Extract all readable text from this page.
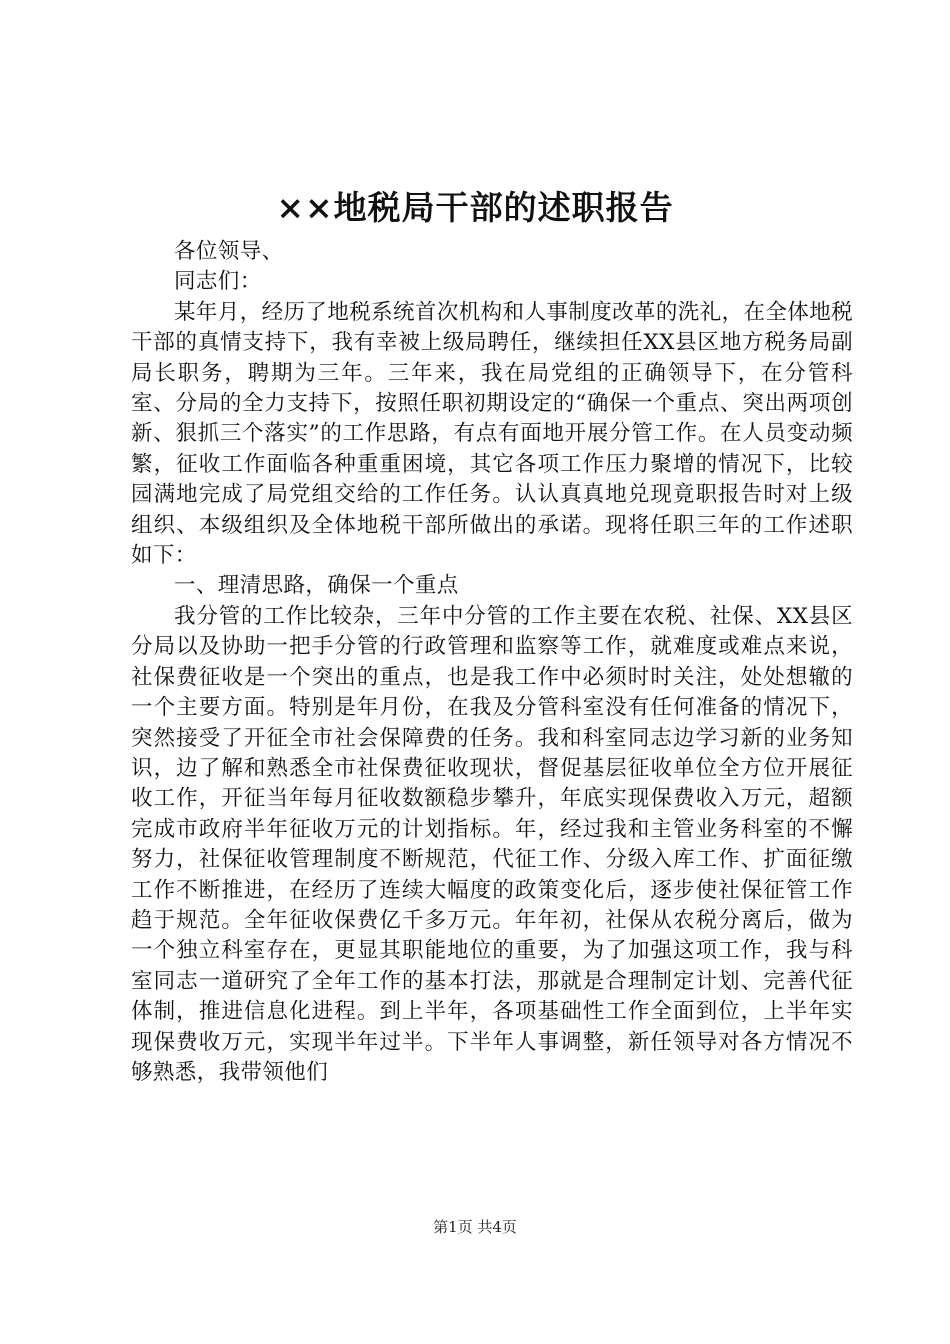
××地税局干部的述职报告

各位领导、

同志们：

某年月，经历了地税系统首次机构和人事制度改革的洗礼，在全体地税干部的真情支持下，我有幸被上级局聘任，继续担任XX县区地方税务局副局长职务，聘期为三年。三年来，我在局党组的正确领导下，在分管科室、分局的全力支持下，按照任职初期设定的“确保一个重点、突出两项创新、狠抓三个落实”的工作思路，有点有面地开展分管工作。在人员变动频繁，征收工作面临各种重重困境，其它各项工作压力聚增的情况下，比较园满地完成了局党组交给的工作任务。认认真真地兑现竟职报告时对上级组织、本级组织及全体地税干部所做出的承诺。现将任职三年的工作述职如下：

一、理清思路，确保一个重点

我分管的工作比较杂，三年中分管的工作主要在农税、社保、XX县区分局以及协助一把手分管的行政管理和监察等工作，就难度或难点来说，社保费征收是一个突出的重点，也是我工作中必须时时关注，处处想辙的一个主要方面。特别是年月份，在我及分管科室没有任何准备的情况下，突然接受了开征全市社会保障费的任务。我和科室同志边学习新的业务知识，边了解和熟悉全市社保费征收现状，督促基层征收单位全方位开展征收工作，开征当年每月征收数额稳步攀升，年底实现保费收入万元，超额完成市政府半年征收万元的计划指标。年，经过我和主管业务科室的不懈努力，社保征收管理制度不断规范，代征工作、分级入库工作、扩面征缴工作不断推进，在经历了连续大幅度的政策变化后，逐步使社保征管工作趋于规范。全年征收保费亿千多万元。年年初，社保从农税分离后，做为一个独立科室存在，更显其职能地位的重要，为了加强这项工作，我与科室同志一道研究了全年工作的基本打法，那就是合理制定计划、完善代征体制，推进信息化进程。到上半年，各项基础性工作全面到位，上半年实现保费收万元，实现半年过半。下半年人事调整，新任领导对各方情况不够熟悉，我带领他们

第1页 共4页
